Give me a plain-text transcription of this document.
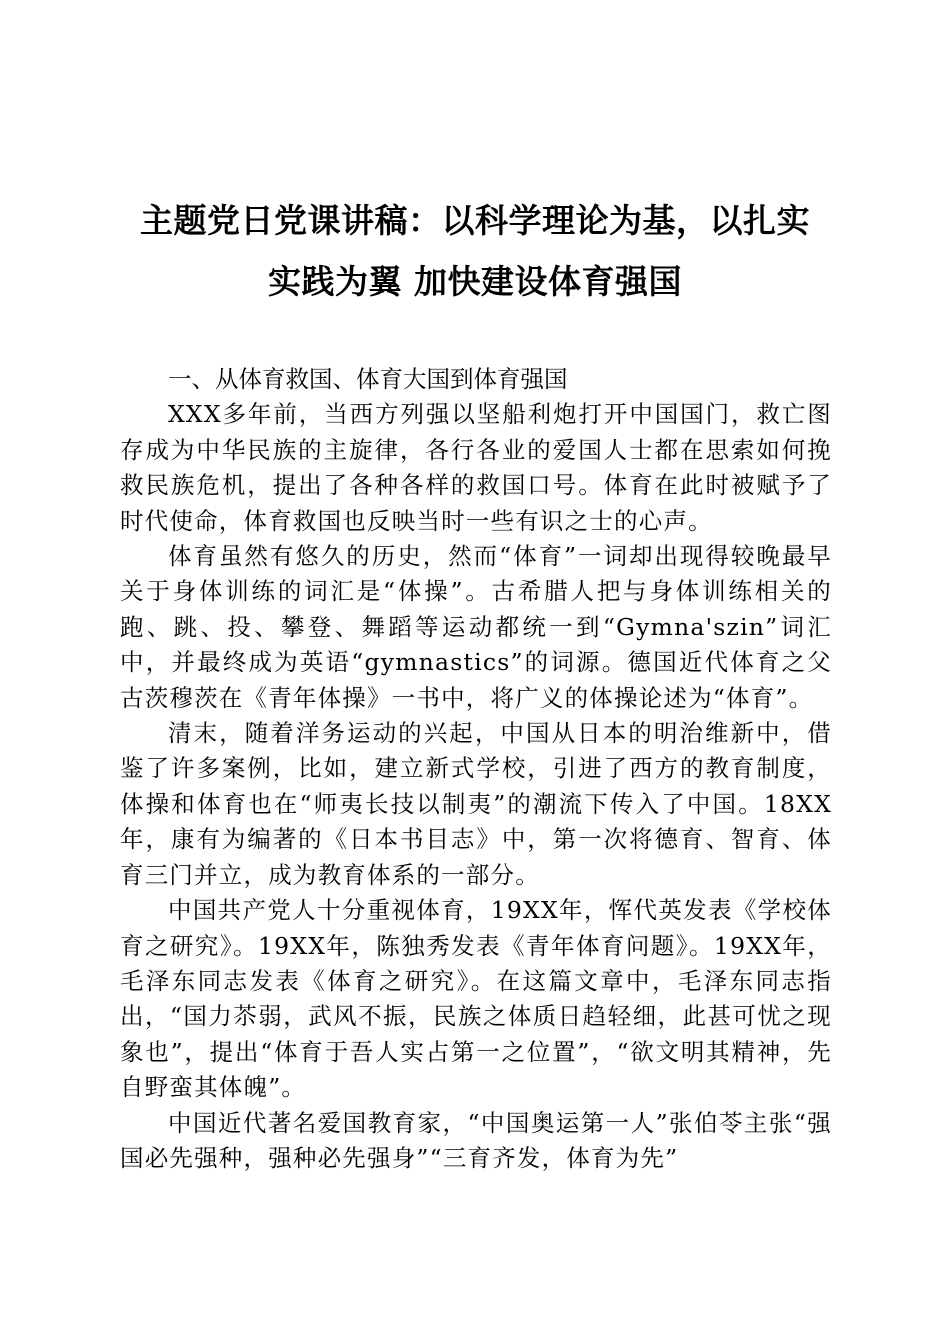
主题党日党课讲稿：以科学理论为基，以扎实
实践为翼 加快建设体育强国
一、从体育救国、体育大国到体育强国

XXX多年前，当西方列强以坚船利炮打开中国国门，救亡图存成为中华民族的主旋律，各行各业的爱国人士都在思索如何挽救民族危机，提出了各种各样的救国口号。体育在此时被赋予了时代使命，体育救国也反映当时一些有识之士的心声。

体育虽然有悠久的历史，然而“体育”一词却出现得较晚最早关于身体训练的词汇是“体操”。古希腊人把与身体训练相关的跑、跳、投、攀登、舞蹈等运动都统一到“Gymna'szin”词汇中，并最终成为英语“gymnastics”的词源。德国近代体育之父古茨穆茨在《青年体操》一书中，将广义的体操论述为“体育”。

清末，随着洋务运动的兴起，中国从日本的明治维新中，借鉴了许多案例，比如，建立新式学校，引进了西方的教育制度，体操和体育也在“师夷长技以制夷”的潮流下传入了中国。18XX年，康有为编著的《日本书目志》中，第一次将德育、智育、体育三门并立，成为教育体系的一部分。

中国共产党人十分重视体育，19XX年，恽代英发表《学校体育之研究》。19XX年，陈独秀发表《青年体育问题》。19XX年，毛泽东同志发表《体育之研究》。在这篇文章中，毛泽东同志指出，“国力苶弱，武风不振，民族之体质日趋轻细，此甚可忧之现象也”，提出“体育于吾人实占第一之位置”，“欲文明其精神，先自野蛮其体魄”。

中国近代著名爱国教育家，“中国奥运第一人”张伯苓主张“强国必先强种，强种必先强身”“三育齐发，体育为先”
